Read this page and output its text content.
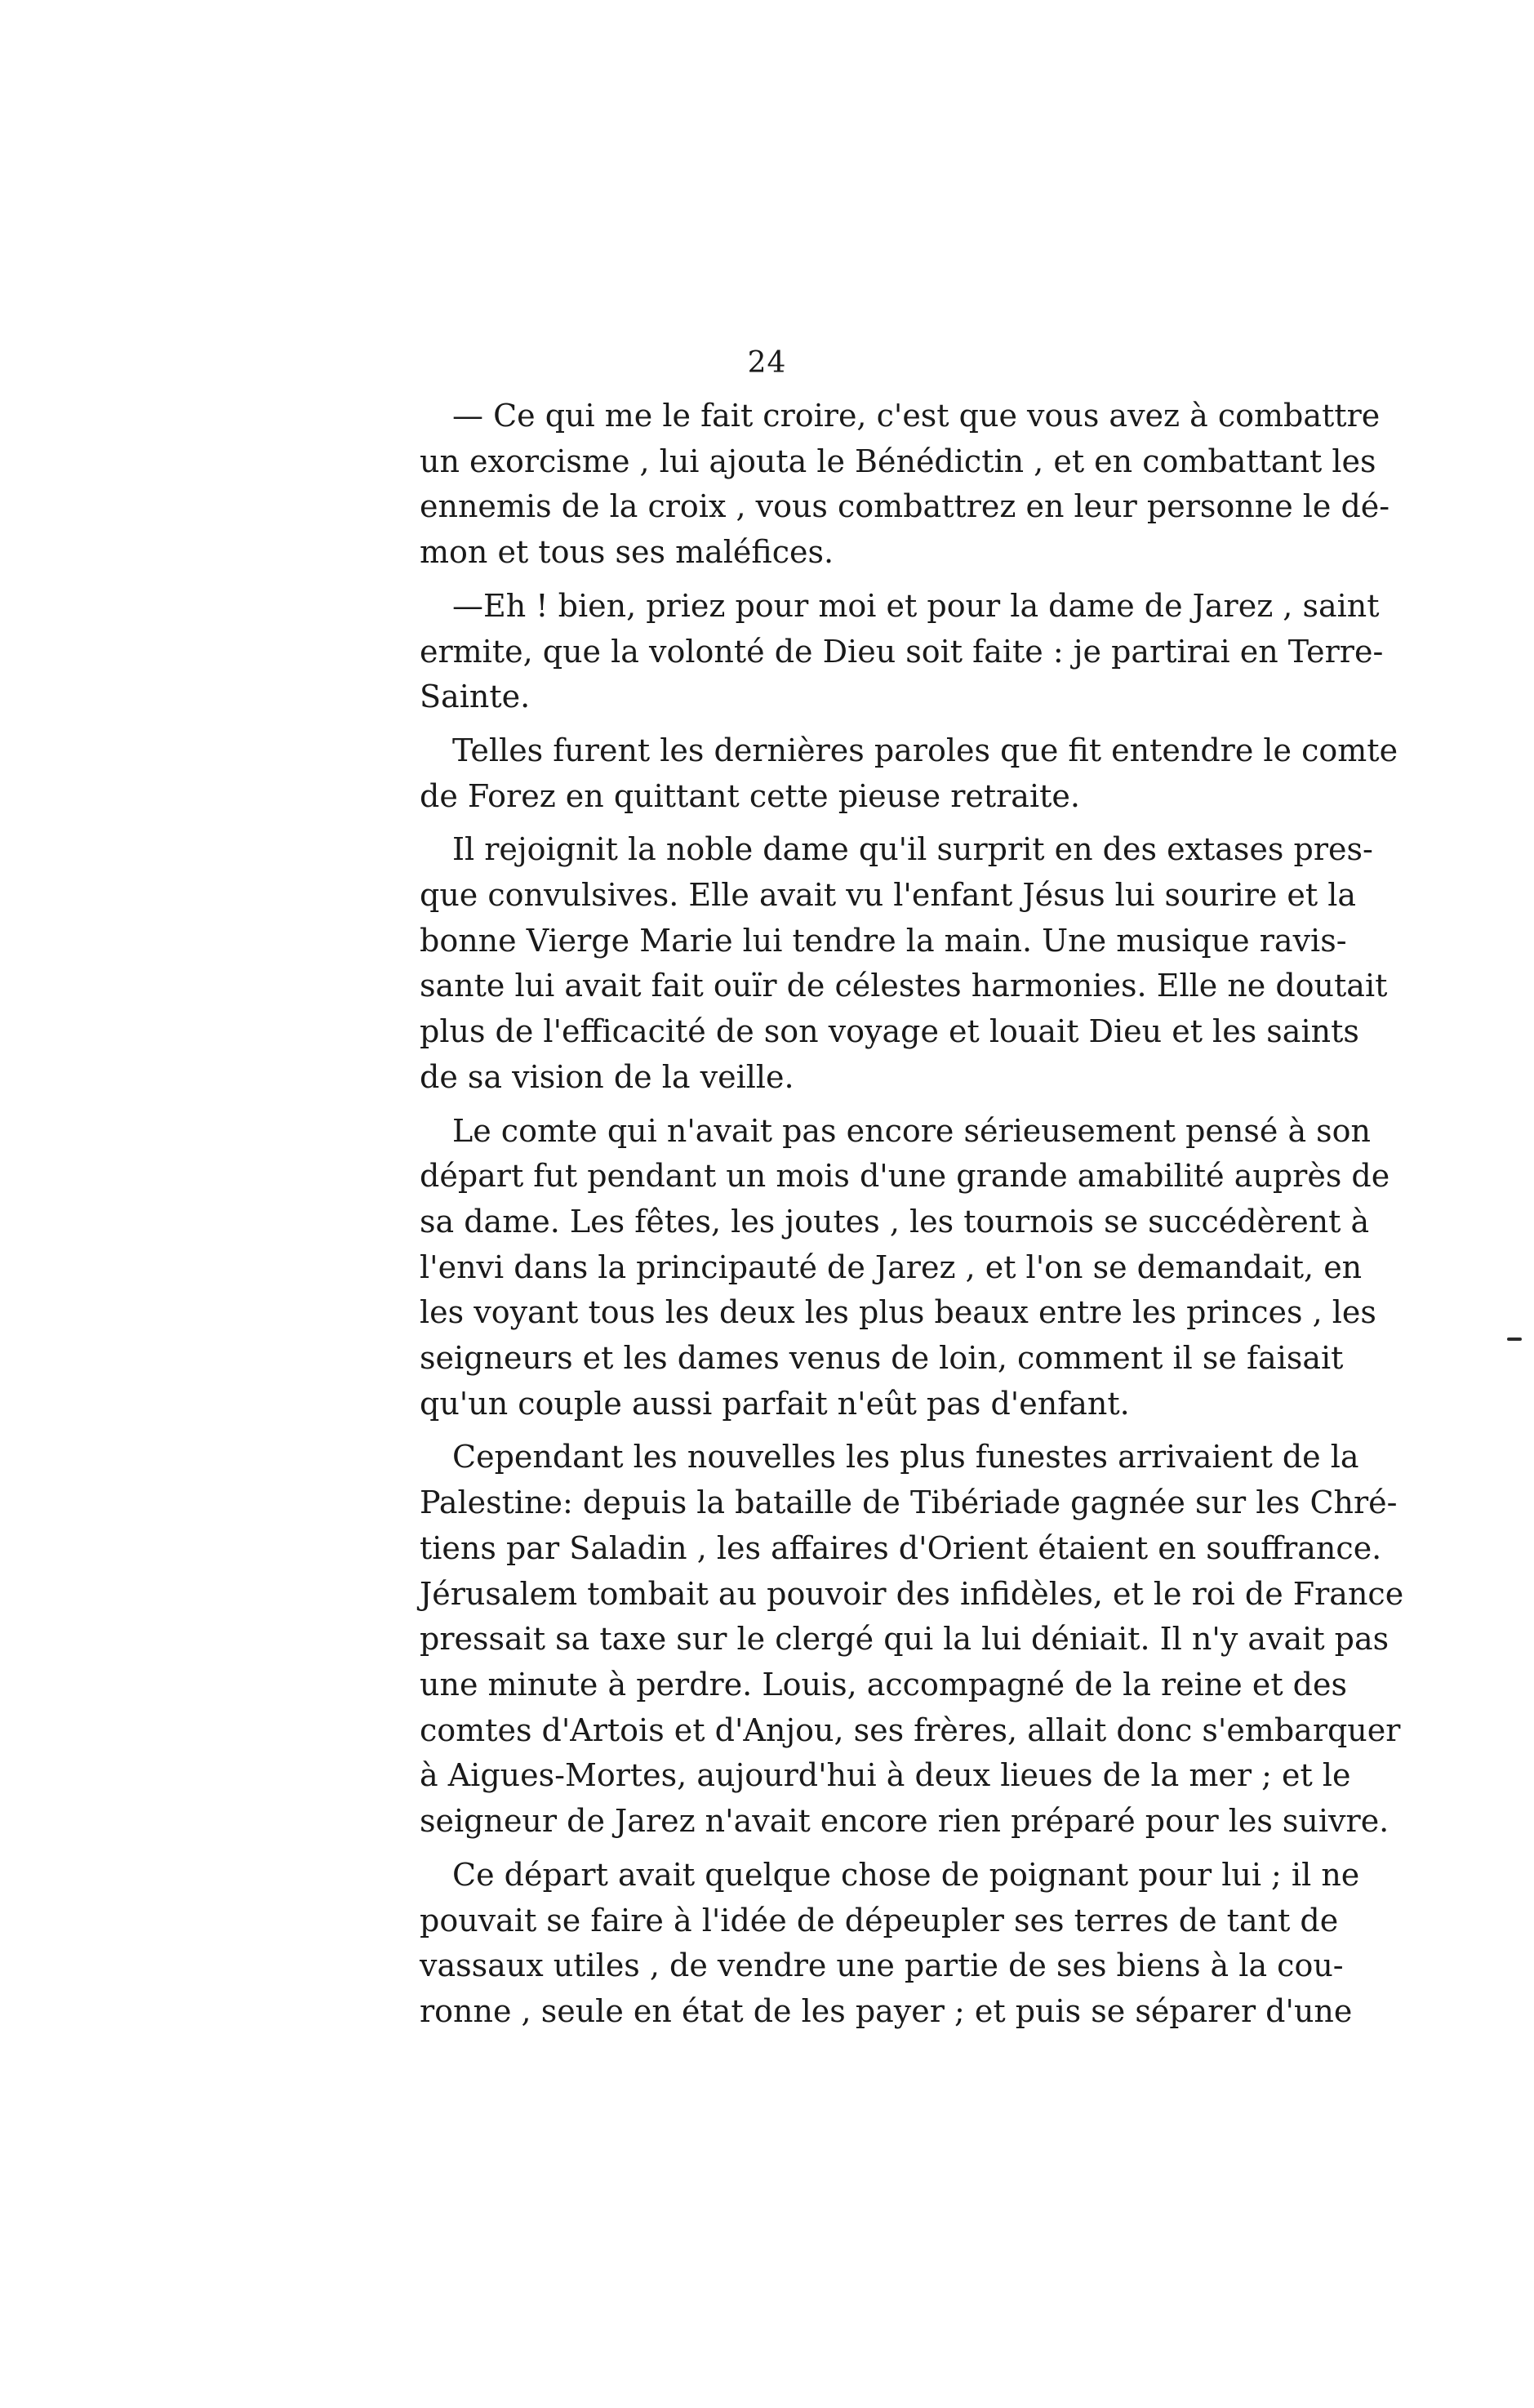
24
— Ce qui me le fait croire, c'est que vous avez à combattre
un exorcisme , lui ajouta le Bénédictin , et en combattant les
ennemis de la croix , vous combattrez en leur personne le dé-
mon et tous ses maléfices.
—Eh ! bien, priez pour moi et pour la dame de Jarez , saint
ermite, que la volonté de Dieu soit faite : je partirai en Terre-
Sainte.
Telles furent les dernières paroles que fit entendre le comte
de Forez en quittant cette pieuse retraite.
Il rejoignit la noble dame qu'il surprit en des extases pres-
que convulsives. Elle avait vu l'enfant Jésus lui sourire et la
bonne Vierge Marie lui tendre la main. Une musique ravis-
sante lui avait fait ouïr de célestes harmonies. Elle ne doutait
plus de l'efficacité de son voyage et louait Dieu et les saints
de sa vision de la veille.
Le comte qui n'avait pas encore sérieusement pensé à son
départ fut pendant un mois d'une grande amabilité auprès de
sa dame. Les fêtes, les joutes , les tournois se succédèrent à
l'envi dans la principauté de Jarez , et l'on se demandait, en
les voyant tous les deux les plus beaux entre les princes , les
seigneurs et les dames venus de loin, comment il se faisait
qu'un couple aussi parfait n'eût pas d'enfant.
Cependant les nouvelles les plus funestes arrivaient de la
Palestine: depuis la bataille de Tibériade gagnée sur les Chré-
tiens par Saladin , les affaires d'Orient étaient en souffrance.
Jérusalem tombait au pouvoir des infidèles, et le roi de France
pressait sa taxe sur le clergé qui la lui déniait. Il n'y avait pas
une minute à perdre. Louis, accompagné de la reine et des
comtes d'Artois et d'Anjou, ses frères, allait donc s'embarquer
à Aigues-Mortes, aujourd'hui à deux lieues de la mer ; et le
seigneur de Jarez n'avait encore rien préparé pour les suivre.
Ce départ avait quelque chose de poignant pour lui ; il ne
pouvait se faire à l'idée de dépeupler ses terres de tant de
vassaux utiles , de vendre une partie de ses biens à la cou-
ronne , seule en état de les payer ; et puis se séparer d'une
